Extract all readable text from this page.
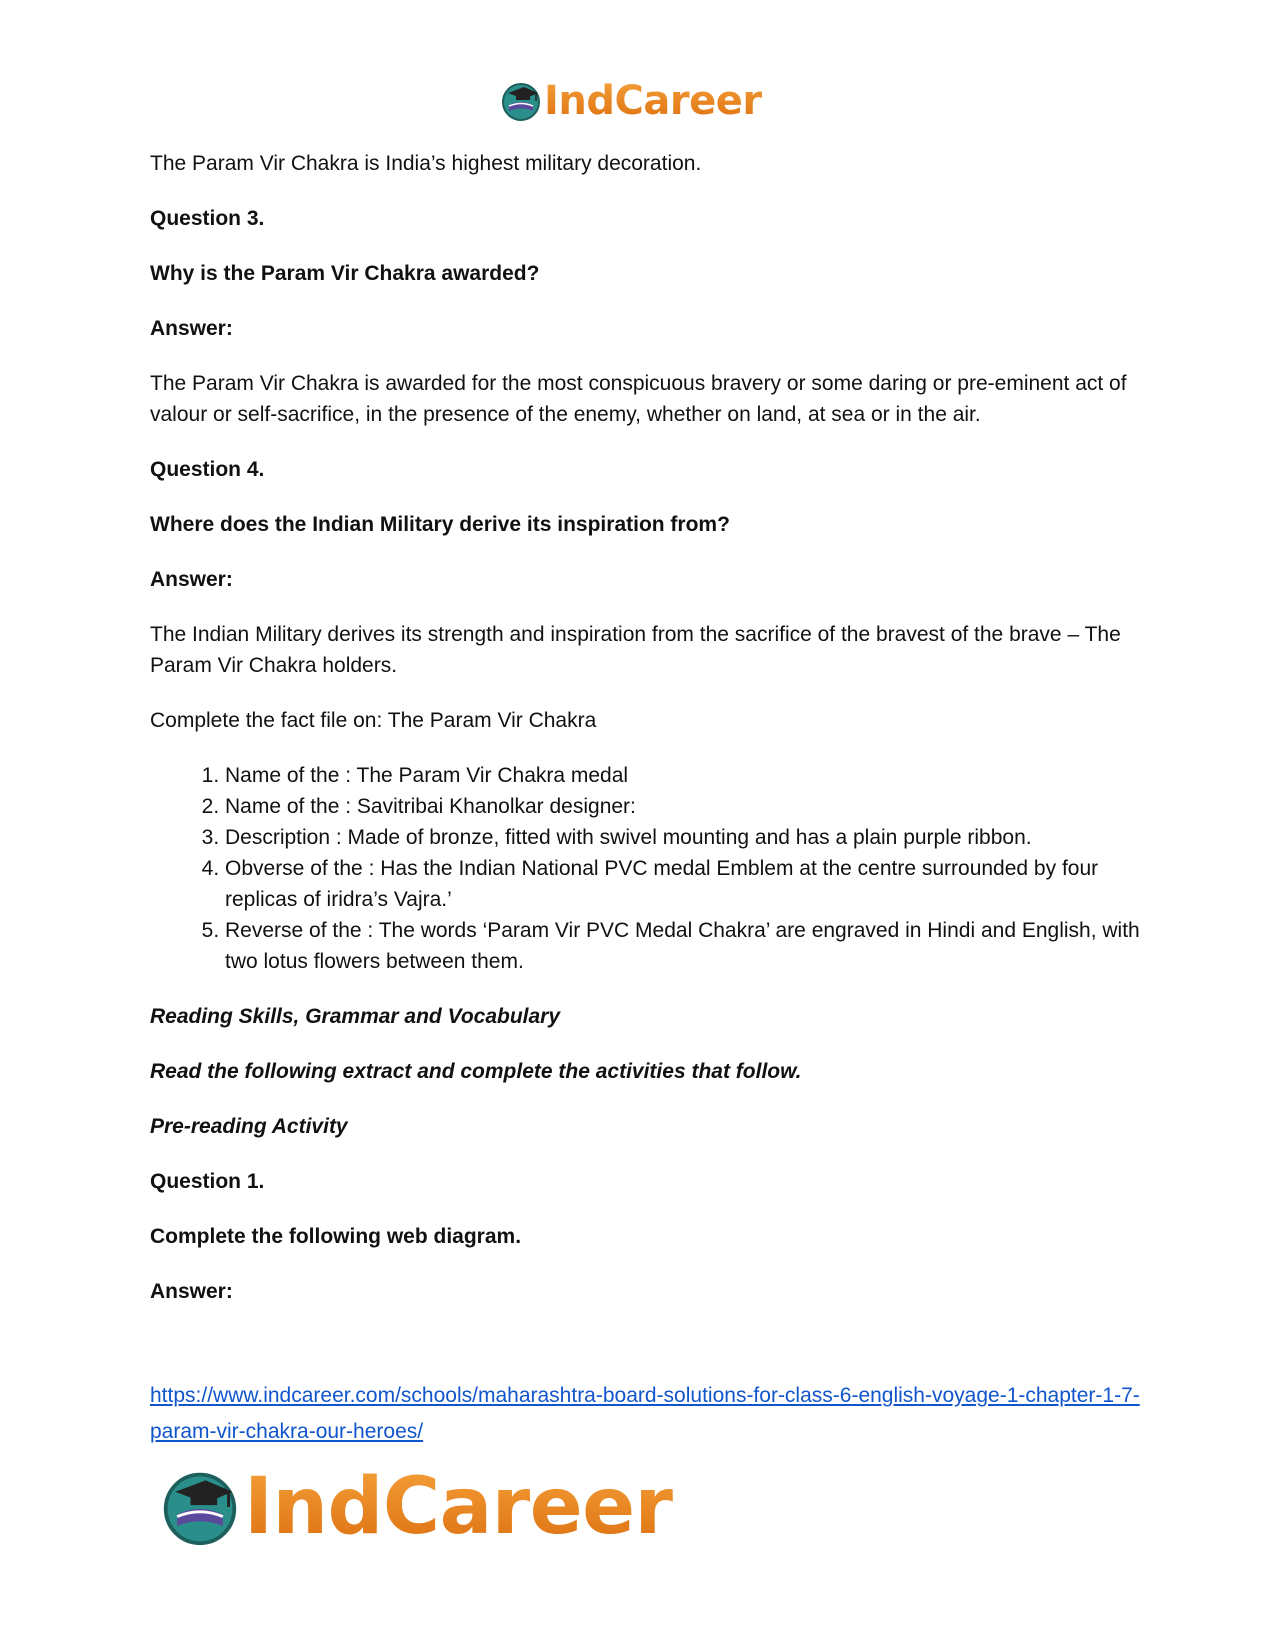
IndCareer

The Param Vir Chakra is India’s highest military decoration.

Question 3.

Why is the Param Vir Chakra awarded?

Answer:

The Param Vir Chakra is awarded for the most conspicuous bravery or some daring or pre-eminent act of valour or self-sacrifice, in the presence of the enemy, whether on land, at sea or in the air.

Question 4.

Where does the Indian Military derive its inspiration from?

Answer:

The Indian Military derives its strength and inspiration from the sacrifice of the bravest of the brave – The Param Vir Chakra holders.

Complete the fact file on: The Param Vir Chakra

1. Name of the : The Param Vir Chakra medal
2. Name of the : Savitribai Khanolkar designer:
3. Description : Made of bronze, fitted with swivel mounting and has a plain purple ribbon.
4. Obverse of the : Has the Indian National PVC medal Emblem at the centre surrounded by four replicas of iridra’s Vajra.’
5. Reverse of the : The words ‘Param Vir PVC Medal Chakra’ are engraved in Hindi and English, with two lotus flowers between them.

Reading Skills, Grammar and Vocabulary

Read the following extract and complete the activities that follow.

Pre-reading Activity

Question 1.

Complete the following web diagram.

Answer:

https://www.indcareer.com/schools/maharashtra-board-solutions-for-class-6-english-voyage-1-chapter-1-7-param-vir-chakra-our-heroes/
IndCareer
